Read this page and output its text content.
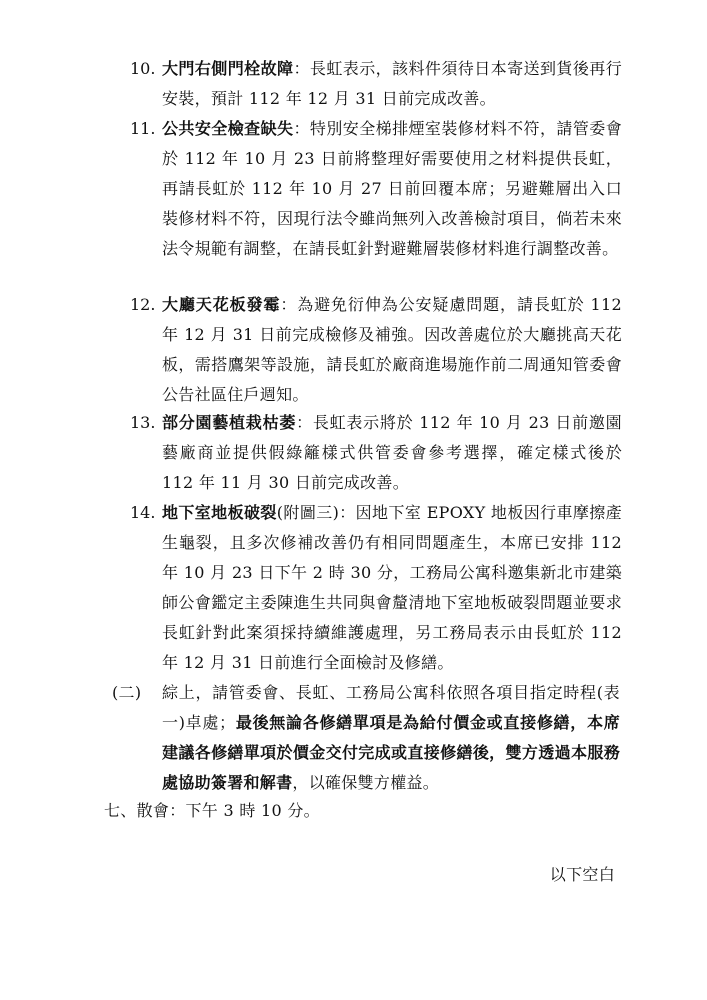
10. 大門右側門栓故障：長虹表示，該料件須待日本寄送到貨後再行安裝，預計 112 年 12 月 31 日前完成改善。
11. 公共安全檢查缺失：特別安全梯排煙室裝修材料不符，請管委會於 112 年 10 月 23 日前將整理好需要使用之材料提供長虹，再請長虹於 112 年 10 月 27 日前回覆本席；另避難層出入口裝修材料不符，因現行法令雖尚無列入改善檢討項目，倘若未來法令規範有調整，在請長虹針對避難層裝修材料進行調整改善。
12. 大廳天花板發霉：為避免衍伸為公安疑慮問題，請長虹於 112 年 12 月 31 日前完成檢修及補強。因改善處位於大廳挑高天花板，需搭鷹架等設施，請長虹於廠商進場施作前二周通知管委會公告社區住戶週知。
13. 部分園藝植栽枯萎：長虹表示將於 112 年 10 月 23 日前邀園藝廠商並提供假綠籬樣式供管委會參考選擇，確定樣式後於 112 年 11 月 30 日前完成改善。
14. 地下室地板破裂(附圖三)：因地下室 EPOXY 地板因行車摩擦產生龜裂，且多次修補改善仍有相同問題產生，本席已安排 112 年 10 月 23 日下午 2 時 30 分，工務局公寓科邀集新北市建築師公會鑑定主委陳進生共同與會釐清地下室地板破裂問題並要求長虹針對此案須採持續維護處理，另工務局表示由長虹於 112 年 12 月 31 日前進行全面檢討及修繕。
(二)	綜上，請管委會、長虹、工務局公寓科依照各項目指定時程(表一)卓處；最後無論各修繕單項是為給付價金或直接修繕，本席建議各修繕單項於價金交付完成或直接修繕後，雙方透過本服務處協助簽署和解書，以確保雙方權益。
七、散會：下午 3 時 10 分。
以下空白
